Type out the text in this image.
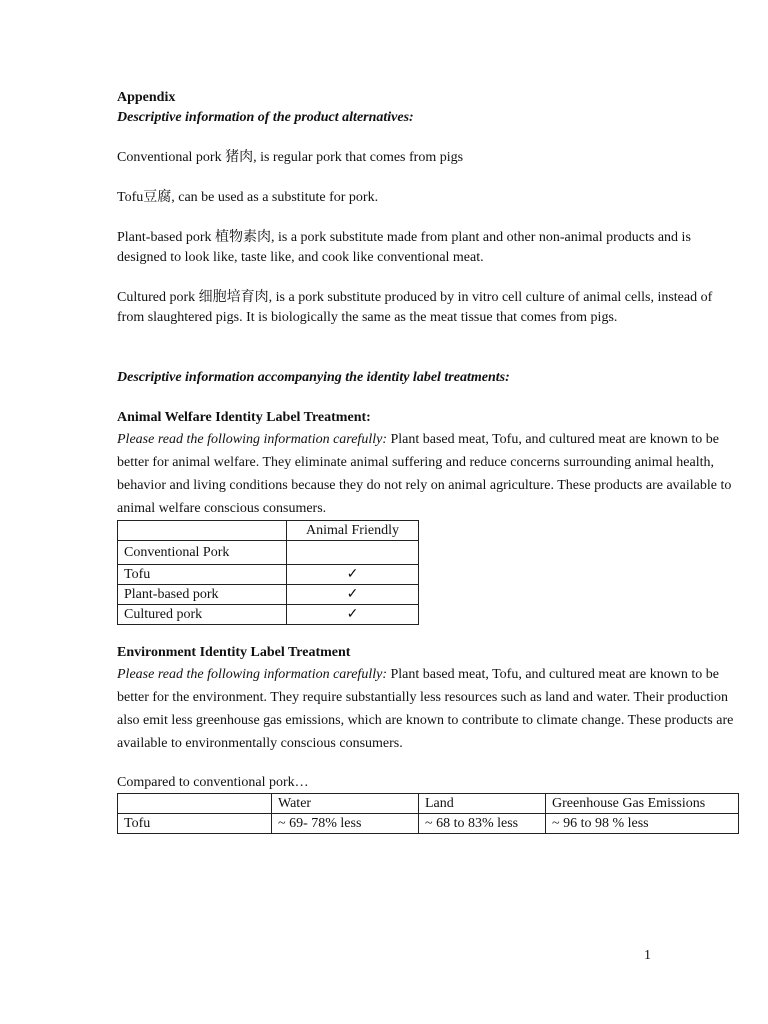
Appendix

Descriptive information of the product alternatives:

Conventional pork 猪肉, is regular pork that comes from pigs

Tofu豆腐, can be used as a substitute for pork.

Plant-based pork 植物素肉, is a pork substitute made from plant and other non-animal products and is designed to look like, taste like, and cook like conventional meat.

Cultured pork 细胞培育肉, is a pork substitute produced by in vitro cell culture of animal cells, instead of from slaughtered pigs. It is biologically the same as the meat tissue that comes from pigs.

Descriptive information accompanying the identity label treatments:

Animal Welfare Identity Label Treatment:

Please read the following information carefully: Plant based meat, Tofu, and cultured meat are known to be better for animal welfare. They eliminate animal suffering and reduce concerns surrounding animal health, behavior and living conditions because they do not rely on animal agriculture. These products are available to animal welfare conscious consumers.

	Animal Friendly
Conventional Pork	
Tofu	✓
Plant-based pork	✓
Cultured pork	✓

Environment Identity Label Treatment

Please read the following information carefully: Plant based meat, Tofu, and cultured meat are known to be better for the environment. They require substantially less resources such as land and water. Their production also emit less greenhouse gas emissions, which are known to contribute to climate change. These products are available to environmentally conscious consumers.

Compared to conventional pork…

	Water	Land	Greenhouse Gas Emissions
Tofu	~ 69- 78% less	~ 68 to 83% less	~ 96 to 98 % less
1
